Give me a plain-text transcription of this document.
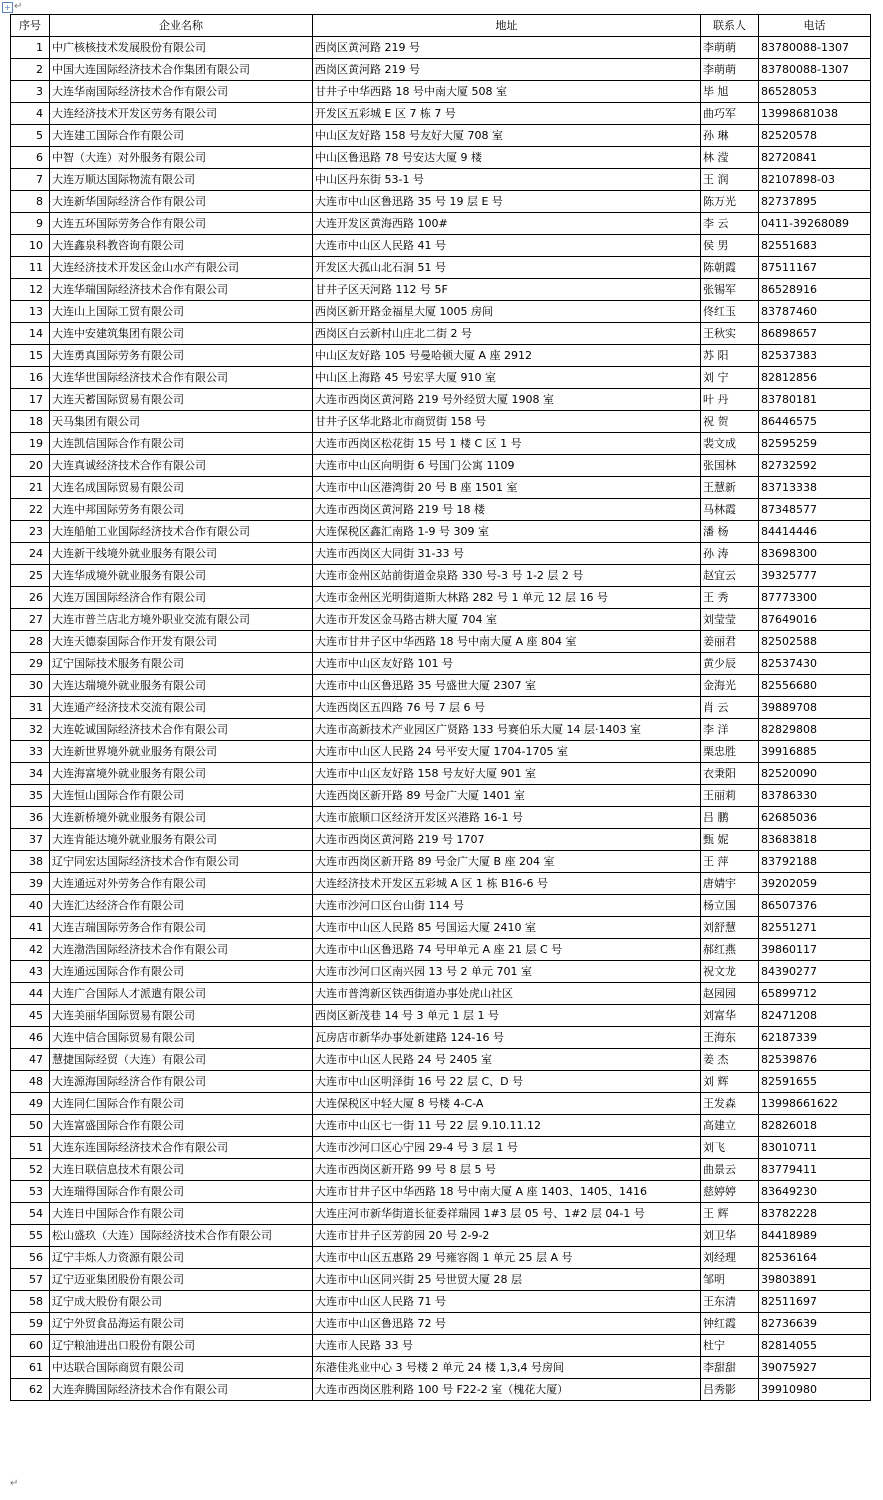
+ ↵
序号	企业名称	地址	联系人	电话
1	中广核核技术发展股份有限公司	西岗区黄河路 219 号	李萌萌	83780088-1307
2	中国大连国际经济技术合作集团有限公司	西岗区黄河路 219 号	李萌萌	83780088-1307
3	大连华南国际经济技术合作有限公司	甘井子中华西路 18 号中南大厦 508 室	毕 旭	86528053
4	大连经济技术开发区劳务有限公司	开发区五彩城 E 区 7 栋 7 号	曲巧军	13998681038
5	大连建工国际合作有限公司	中山区友好路 158 号友好大厦 708 室	孙 琳	82520578
6	中智（大连）对外服务有限公司	中山区鲁迅路 78 号安达大厦 9 楼	林 滢	82720841
7	大连万顺达国际物流有限公司	中山区丹东街 53-1 号	王 润	82107898-03
8	大连新华国际经济合作有限公司	大连市中山区鲁迅路 35 号 19 层 E 号	陈万光	82737895
9	大连五环国际劳务合作有限公司	大连开发区黄海西路 100#	李 云	0411-39268089
10	大连鑫泉科教咨询有限公司	大连市中山区人民路 41 号	侯 男	82551683
11	大连经济技术开发区金山水产有限公司	开发区大孤山北石洞 51 号	陈朝霞	87511167
12	大连华瑞国际经济技术合作有限公司	甘井子区天河路 112 号 5F	张锡军	86528916
13	大连山上国际工贸有限公司	西岗区新开路金福星大厦 1005 房间	佟红玉	83787460
14	大连中安建筑集团有限公司	西岗区白云新村山庄北二街 2 号	王秋实	86898657
15	大连勇真国际劳务有限公司	中山区友好路 105 号曼哈顿大厦 A 座 2912	苏 阳	82537383
16	大连华世国际经济技术合作有限公司	中山区上海路 45 号宏孚大厦 910 室	刘 宁	82812856
17	大连天蓄国际贸易有限公司	大连市西岗区黄河路 219 号外经贸大厦 1908 室	叶 丹	83780181
18	天马集团有限公司	甘井子区华北路北市商贸街 158 号	祝 贺	86446575
19	大连凯信国际合作有限公司	大连市西岗区松花街 15 号 1 楼 C 区 1 号	裴文成	82595259
20	大连真诚经济技术合作有限公司	大连市中山区向明街 6 号国门公寓 1109	张国林	82732592
21	大连名成国际贸易有限公司	大连市中山区港湾街 20 号 B 座 1501 室	王慧新	83713338
22	大连中邦国际劳务有限公司	大连市西岗区黄河路 219 号 18 楼	马林霞	87348577
23	大连船舶工业国际经济技术合作有限公司	大连保税区鑫汇南路 1-9 号 309 室	潘 杨	84414446
24	大连新干线境外就业服务有限公司	大连市西岗区大同街 31-33 号	孙 涛	83698300
25	大连华成境外就业服务有限公司	大连市金州区站前街道金泉路 330 号-3 号 1-2 层 2 号	赵宜云	39325777
26	大连万国国际经济合作有限公司	大连市金州区光明街道斯大林路 282 号 1 单元 12 层 16 号	王 秀	87773300
27	大连市普兰店北方境外职业交流有限公司	大连市开发区金马路古耕大厦 704 室	刘莹莹	87649016
28	大连天德泰国际合作开发有限公司	大连市甘井子区中华西路 18 号中南大厦 A 座 804 室	姜丽君	82502588
29	辽宁国际技术服务有限公司	大连市中山区友好路 101 号	黄少辰	82537430
30	大连达瑞境外就业服务有限公司	大连市中山区鲁迅路 35 号盛世大厦 2307 室	金海光	82556680
31	大连通产经济技术交流有限公司	大连西岗区五四路 76 号 7 层 6 号	肖 云	39889708
32	大连乾诚国际经济技术合作有限公司	大连市高新技术产业园区广贤路 133 号赛伯乐大厦 14 层·1403 室	李 洋	82829808
33	大连新世界境外就业服务有限公司	大连市中山区人民路 24 号平安大厦 1704-1705 室	栗忠胜	39916885
34	大连海富境外就业服务有限公司	大连市中山区友好路 158 号友好大厦 901 室	衣秉阳	82520090
35	大连恒山国际合作有限公司	大连西岗区新开路 89 号金广大厦 1401 室	王丽莉	83786330
36	大连新桥境外就业服务有限公司	大连市旅顺口区经济开发区兴港路 16-1 号	吕 鹏	62685036
37	大连肯能达境外就业服务有限公司	大连市西岗区黄河路 219 号 1707	甄 妮	83683818
38	辽宁同宏达国际经济技术合作有限公司	大连市西岗区新开路 89 号金广大厦 B 座 204 室	王 萍	83792188
39	大连通远对外劳务合作有限公司	大连经济技术开发区五彩城 A 区 1 栋 B16-6 号	唐婧宇	39202059
40	大连汇达经济合作有限公司	大连市沙河口区台山街 114 号	杨立国	86507376
41	大连吉瑞国际劳务合作有限公司	大连市中山区人民路 85 号国运大厦 2410 室	刘舒慧	82551271
42	大连渤浩国际经济技术合作有限公司	大连市中山区鲁迅路 74 号甲单元 A 座 21 层 C 号	郝红燕	39860117
43	大连通远国际合作有限公司	大连市沙河口区南兴园 13 号 2 单元 701 室	祝文龙	84390277
44	大连广合国际人才派遣有限公司	大连市普湾新区铁西街道办事处虎山社区	赵园园	65899712
45	大连美丽华国际贸易有限公司	西岗区新茂巷 14 号 3 单元 1 层 1 号	刘富华	82471208
46	大连中信合国际贸易有限公司	瓦房店市新华办事处新建路 124-16 号	王海东	62187339
47	慧捷国际经贸（大连）有限公司	大连市中山区人民路 24 号 2405 室	姜 杰	82539876
48	大连源海国际经济合作有限公司	大连市中山区明泽街 16 号 22 层 C、D 号	刘 辉	82591655
49	大连同仁国际合作有限公司	大连保税区中轻大厦 8 号楼 4-C-A	王发森	13998661622
50	大连富盛国际合作有限公司	大连市中山区七一街 11 号 22 层 9.10.11.12	高建立	82826018
51	大连东连国际经济技术合作有限公司	大连市沙河口区心宁园 29-4 号 3 层 1 号	刘飞	83010711
52	大连日联信息技术有限公司	大连市西岗区新开路 99 号 8 层 5 号	曲景云	83779411
53	大连瑞得国际合作有限公司	大连市甘井子区中华西路 18 号中南大厦 A 座 1403、1405、1416	慈婷婷	83649230
54	大连日中国际合作有限公司	大连庄河市新华街道长征委祥瑞园 1#3 层 05 号、1#2 层 04-1 号	王 辉	83782228
55	松山盛玖（大连）国际经济技术合作有限公司	大连市甘井子区芳韵园 20 号 2-9-2	刘卫华	84418989
56	辽宁丰烁人力资源有限公司	大连市中山区五惠路 29 号雍容阁 1 单元 25 层 A 号	刘经理	82536164
57	辽宁迈亚集团股份有限公司	大连市中山区同兴街 25 号世贸大厦 28 层	邹明	39803891
58	辽宁成大股份有限公司	大连市中山区人民路 71 号	王东清	82511697
59	辽宁外贸食品海运有限公司	大连市中山区鲁迅路 72 号	钟红霞	82736639
60	辽宁粮油进出口股份有限公司	大连市人民路 33 号	杜宁	82814055
61	中达联合国际商贸有限公司	东港佳兆业中心 3 号楼 2 单元 24 楼 1,3,4 号房间	李甜甜	39075927
62	大连奔腾国际经济技术合作有限公司	大连市西岗区胜利路 100 号 F22-2 室（槐花大厦）	吕秀影	39910980
↵
